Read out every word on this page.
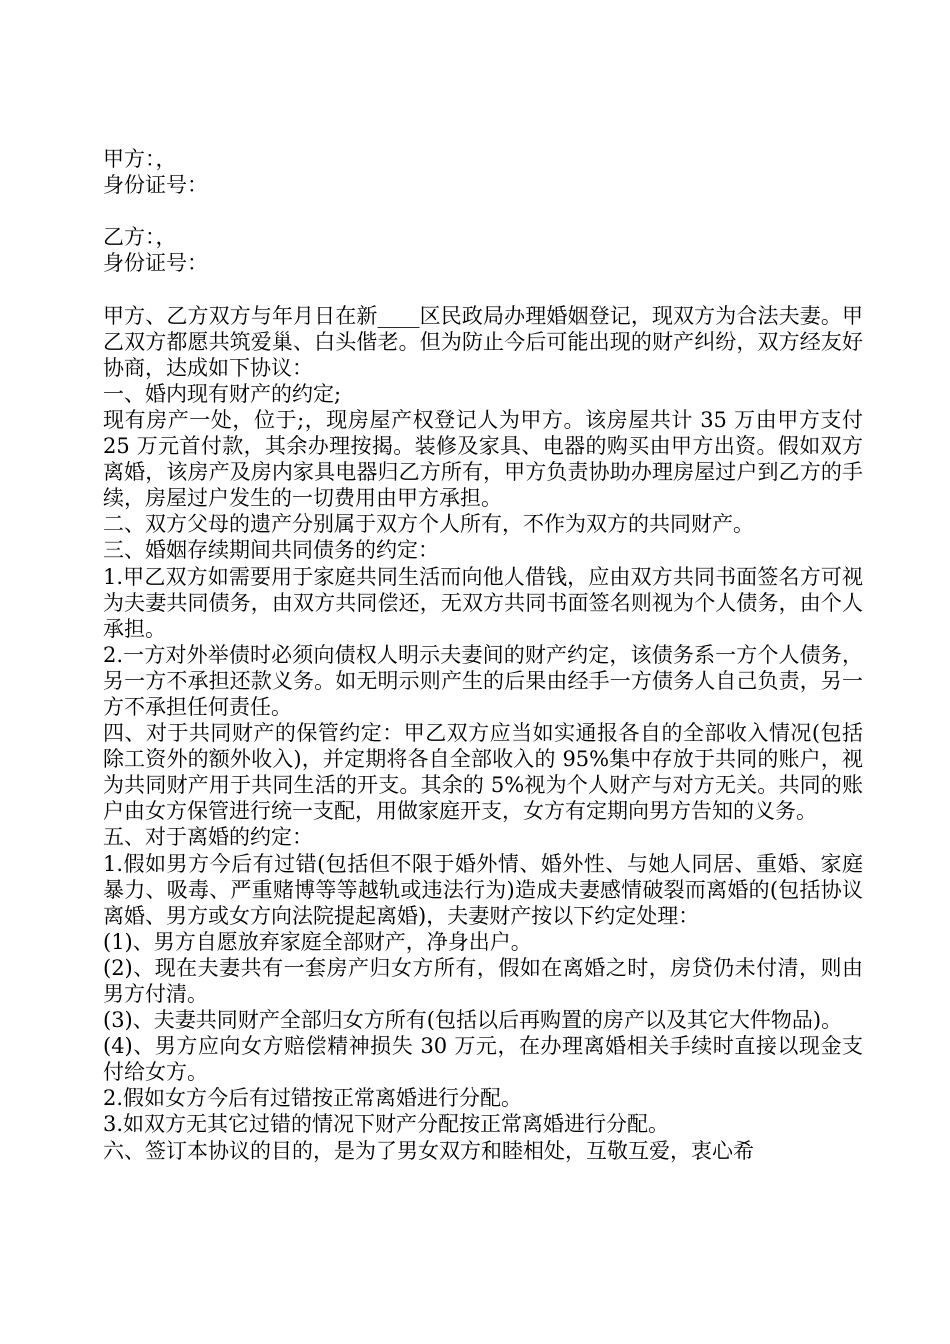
甲方：，
身份证号：
乙方：，
身份证号：
甲方、乙方双方与年月日在新____区民政局办理婚姻登记，现双方为合法夫妻。甲乙双方都愿共筑爱巢、白头偕老。但为防止今后可能出现的财产纠纷，双方经友好协商，达成如下协议：
一、婚内现有财产的约定;
现有房产一处，位于;，现房屋产权登记人为甲方。该房屋共计 35 万由甲方支付 25 万元首付款，其余办理按揭。装修及家具、电器的购买由甲方出资。假如双方离婚，该房产及房内家具电器归乙方所有，甲方负责协助办理房屋过户到乙方的手续，房屋过户发生的一切费用由甲方承担。
二、双方父母的遗产分别属于双方个人所有，不作为双方的共同财产。
三、婚姻存续期间共同债务的约定：
1.甲乙双方如需要用于家庭共同生活而向他人借钱，应由双方共同书面签名方可视为夫妻共同债务，由双方共同偿还，无双方共同书面签名则视为个人债务，由个人承担。
2.一方对外举债时必须向债权人明示夫妻间的财产约定，该债务系一方个人债务，另一方不承担还款义务。如无明示则产生的后果由经手一方债务人自己负责，另一方不承担任何责任。
四、对于共同财产的保管约定：甲乙双方应当如实通报各自的全部收入情况(包括除工资外的额外收入)，并定期将各自全部收入的 95%集中存放于共同的账户，视为共同财产用于共同生活的开支。其余的 5%视为个人财产与对方无关。共同的账户由女方保管进行统一支配，用做家庭开支，女方有定期向男方告知的义务。
五、对于离婚的约定：
1.假如男方今后有过错(包括但不限于婚外情、婚外性、与她人同居、重婚、家庭暴力、吸毒、严重赌博等等越轨或违法行为)造成夫妻感情破裂而离婚的(包括协议离婚、男方或女方向法院提起离婚)，夫妻财产按以下约定处理：
(1)、男方自愿放弃家庭全部财产，净身出户。
(2)、现在夫妻共有一套房产归女方所有，假如在离婚之时，房贷仍未付清，则由男方付清。
(3)、夫妻共同财产全部归女方所有(包括以后再购置的房产以及其它大件物品)。
(4)、男方应向女方赔偿精神损失 30 万元，在办理离婚相关手续时直接以现金支付给女方。
2.假如女方今后有过错按正常离婚进行分配。
3.如双方无其它过错的情况下财产分配按正常离婚进行分配。
六、签订本协议的目的，是为了男女双方和睦相处，互敬互爱，衷心希
